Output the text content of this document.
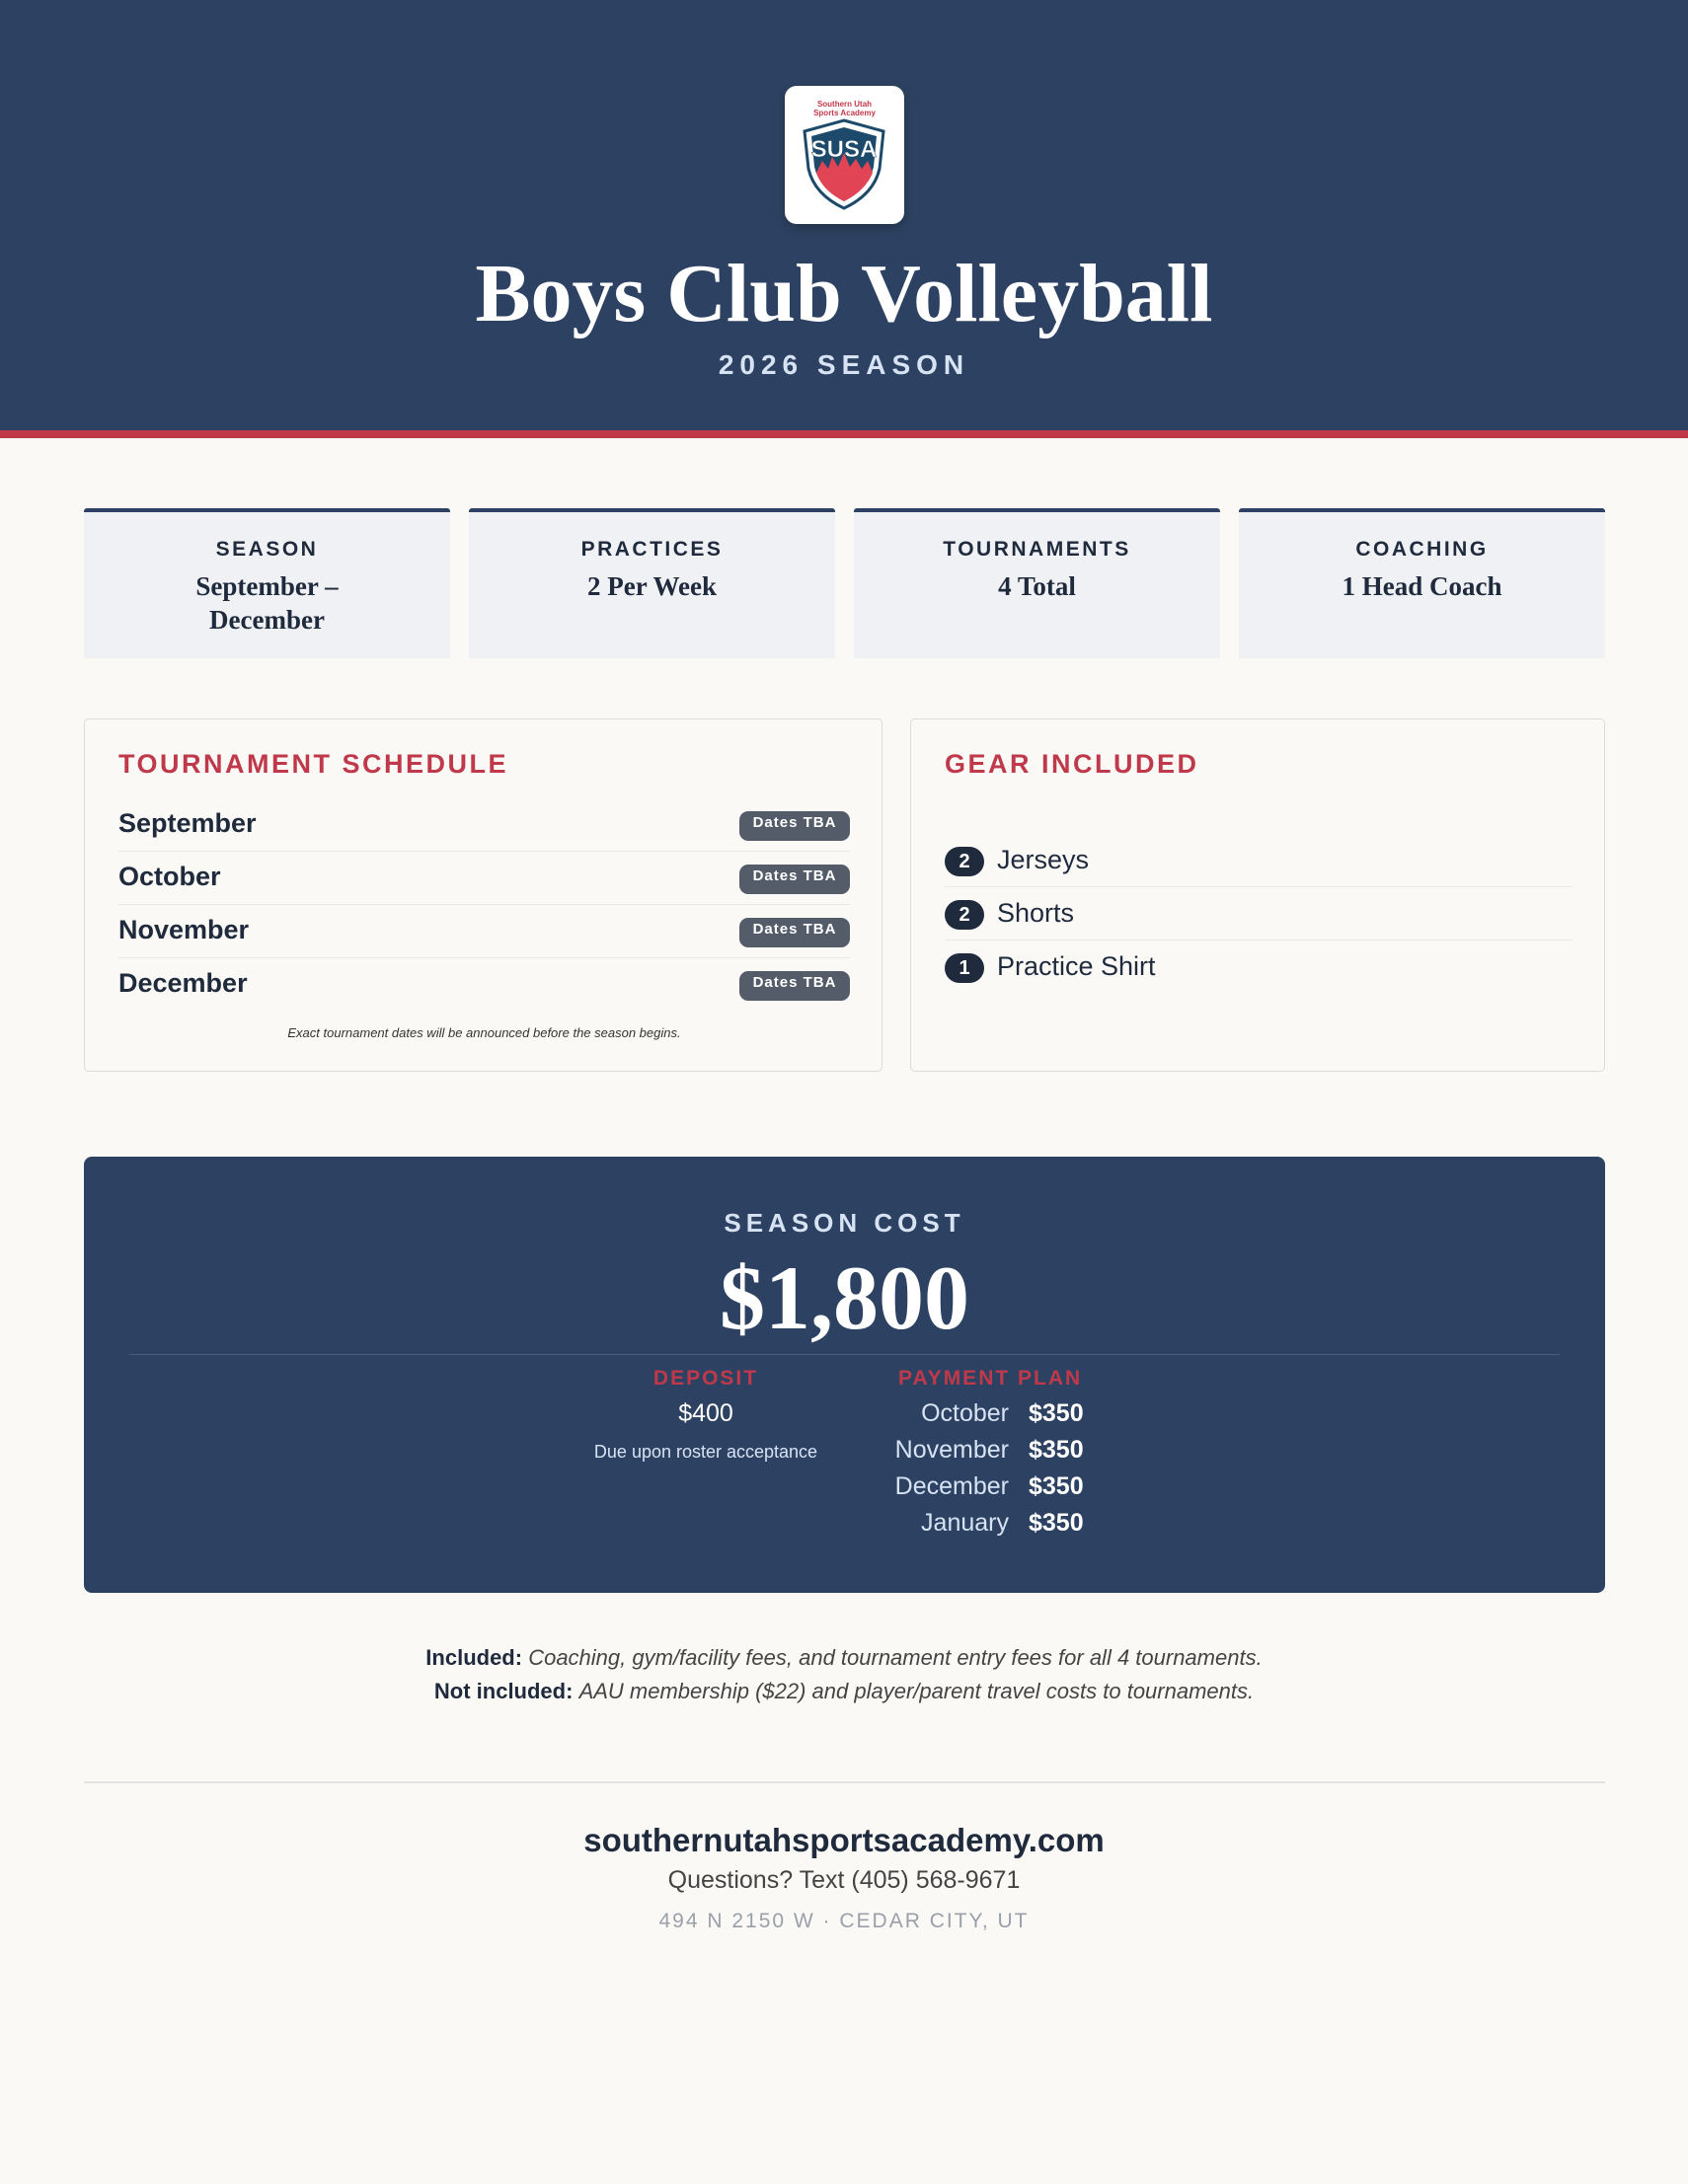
Southern Utah
Sports Academy
SUSA
Boys Club Volleyball
2026 SEASON
SEASON
September – December
PRACTICES
2 Per Week
TOURNAMENTS
4 Total
COACHING
1 Head Coach
TOURNAMENT SCHEDULE
September	Dates TBA
October	Dates TBA
November	Dates TBA
December	Dates TBA
Exact tournament dates will be announced before the season begins.
GEAR INCLUDED
2	Jerseys
2	Shorts
1	Practice Shirt
SEASON COST
$1,800
DEPOSIT
$400
Due upon roster acceptance
PAYMENT PLAN
October $350
November $350
December $350
January $350
Included: Coaching, gym/facility fees, and tournament entry fees for all 4 tournaments.
Not included: AAU membership ($22) and player/parent travel costs to tournaments.
southernutahsportsacademy.com
Questions? Text (405) 568-9671
494 N 2150 W · CEDAR CITY, UT
